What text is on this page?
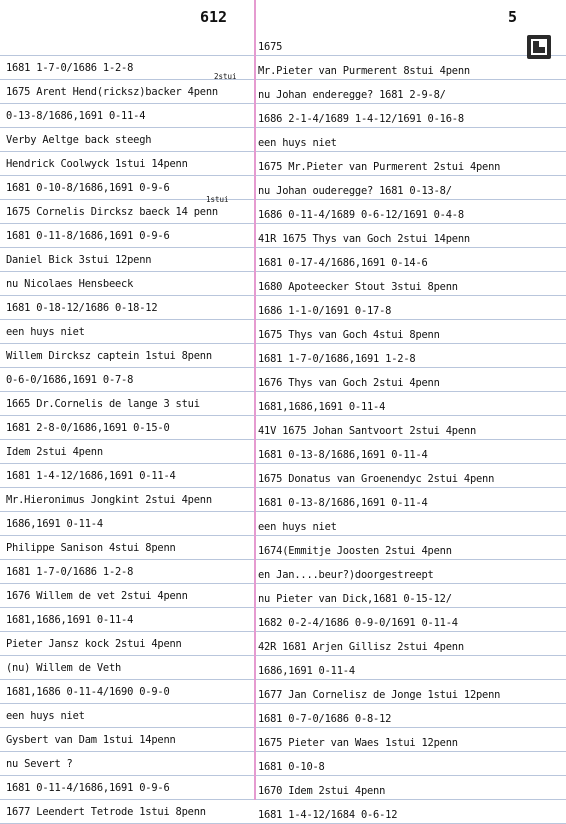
612	5
2stui
1stui
1681 1-7-0/1686 1-2-8
1675 Arent Hend(ricksz)backer 4penn
0-13-8/1686,1691 0-11-4
Verby Aeltge back steegh
Hendrick Coolwyck 1stui 14penn
1681 0-10-8/1686,1691 0-9-6
1675 Cornelis Dircksz baeck 14 penn
1681 0-11-8/1686,1691 0-9-6
Daniel Bick 3stui 12penn
nu Nicolaes Hensbeeck
1681 0-18-12/1686 0-18-12
een huys niet
Willem Dircksz captein 1stui 8penn
0-6-0/1686,1691 0-7-8
1665 Dr.Cornelis de lange 3 stui
1681 2-8-0/1686,1691 0-15-0
Idem 2stui 4penn
1681 1-4-12/1686,1691 0-11-4
Mr.Hieronimus Jongkint 2stui 4penn
1686,1691 0-11-4
Philippe Sanison 4stui 8penn
1681 1-7-0/1686 1-2-8
1676 Willem de vet 2stui 4penn
1681,1686,1691 0-11-4
Pieter Jansz kock 2stui 4penn
(nu) Willem de Veth
1681,1686 0-11-4/1690 0-9-0
een huys niet
Gysbert van Dam 1stui 14penn
nu Severt ?
1681 0-11-4/1686,1691 0-9-6
1677 Leendert Tetrode 1stui 8penn
1675
Mr.Pieter van Purmerent 8stui 4penn
nu Johan enderegge? 1681 2-9-8/
1686 2-1-4/1689 1-4-12/1691 0-16-8
een huys niet
1675 Mr.Pieter van Purmerent 2stui 4penn
nu Johan ouderegge? 1681 0-13-8/
1686 0-11-4/1689 0-6-12/1691 0-4-8
41R 1675 Thys van Goch 2stui 14penn
1681 0-17-4/1686,1691 0-14-6
1680 Apoteecker Stout 3stui 8penn
1686 1-1-0/1691 0-17-8
1675 Thys van Goch 4stui 8penn
1681 1-7-0/1686,1691 1-2-8
1676 Thys van Goch 2stui 4penn
1681,1686,1691 0-11-4
41V 1675 Johan Santvoort 2stui 4penn
1681 0-13-8/1686,1691 0-11-4
1675 Donatus van Groenendyc 2stui 4penn
1681 0-13-8/1686,1691 0-11-4
een huys niet
1674(Emmitje Joosten 2stui 4penn
en Jan....beur?)doorgestreept
nu Pieter van Dick,1681 0-15-12/
1682 0-2-4/1686 0-9-0/1691 0-11-4
42R 1681 Arjen Gillisz 2stui 4penn
1686,1691 0-11-4
1677 Jan Cornelisz de Jonge 1stui 12penn
1681 0-7-0/1686 0-8-12
1675 Pieter van Waes 1stui 12penn
1681 0-10-8
1670 Idem 2stui 4penn
1681 1-4-12/1684 0-6-12
